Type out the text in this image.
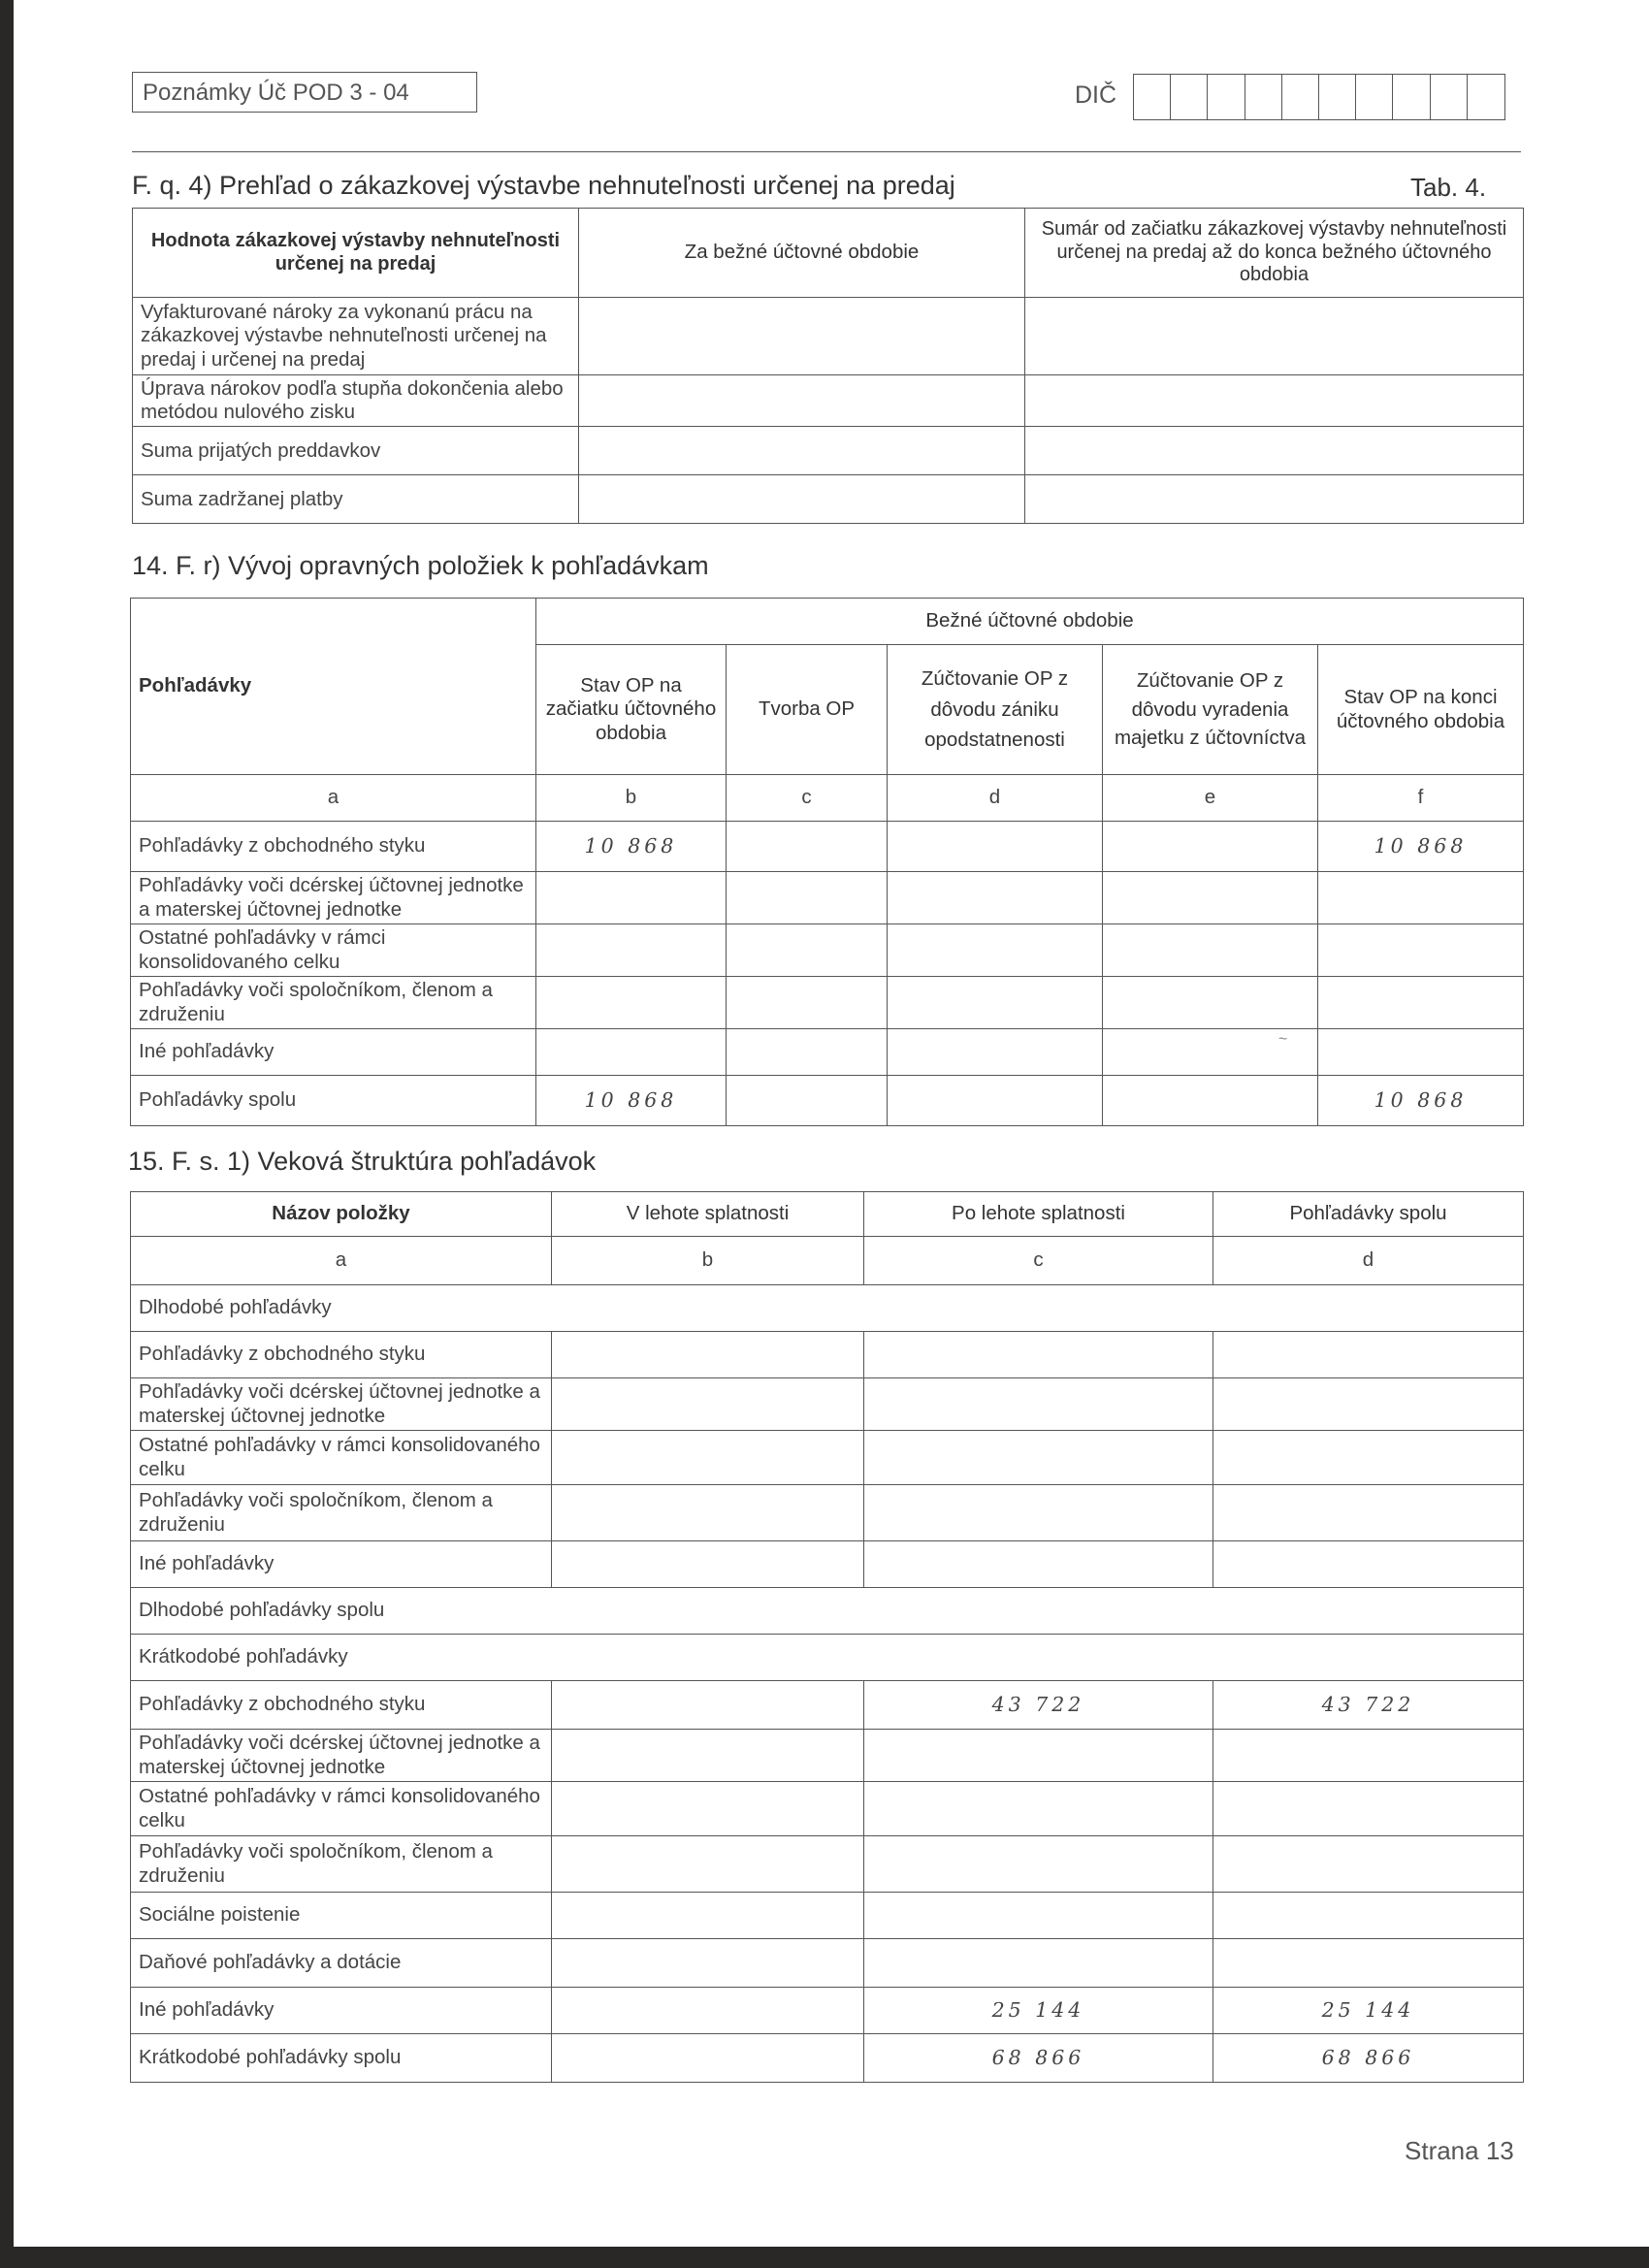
Poznámky Úč POD 3 - 04	DIČ
F. q. 4) Prehľad o zákazkovej výstavbe nehnuteľnosti určenej na predaj	Tab. 4.
Hodnota zákazkovej výstavby nehnuteľnosti určenej na predaj	Za bežné účtovné obdobie	Sumár od začiatku zákazkovej výstavby nehnuteľnosti určenej na predaj až do konca bežného účtovného obdobia
Vyfakturované nároky za vykonanú prácu na zákazkovej výstavbe nehnuteľnosti určenej na predaj i určenej na predaj		
Úprava nárokov podľa stupňa dokončenia alebo metódou nulového zisku		
Suma prijatých preddavkov		
Suma zadržanej platby		
14. F. r) Vývoj opravných položiek k pohľadávkam
Pohľadávky	Bežné účtovné obdobie				
	Stav OP na začiatku účtovného obdobia	Tvorba OP	Zúčtovanie OP z dôvodu zániku opodstatnenosti	Zúčtovanie OP z dôvodu vyradenia majetku z účtovníctva	Stav OP na konci účtovného obdobia
a	b	c	d	e	f
Pohľadávky z obchodného styku	10 868				10 868
Pohľadávky voči dcérskej účtovnej jednotke a materskej účtovnej jednotke					
Ostatné pohľadávky v rámci konsolidovaného celku					
Pohľadávky voči spoločníkom, členom a združeniu					
Iné pohľadávky					
Pohľadávky spolu	10 868				10 868
~
15. F. s. 1) Veková štruktúra pohľadávok
Názov položky	V lehote splatnosti	Po lehote splatnosti	Pohľadávky spolu
a	b	c	d
Dlhodobé pohľadávky			
Pohľadávky z obchodného styku			
Pohľadávky voči dcérskej účtovnej jednotke a materskej účtovnej jednotke			
Ostatné pohľadávky v rámci konsolidovaného celku			
Pohľadávky voči spoločníkom, členom a združeniu			
Iné pohľadávky			
Dlhodobé pohľadávky spolu			
Krátkodobé pohľadávky			
Pohľadávky z obchodného styku		43 722	43 722
Pohľadávky voči dcérskej účtovnej jednotke a materskej účtovnej jednotke			
Ostatné pohľadávky v rámci konsolidovaného celku			
Pohľadávky voči spoločníkom, členom a združeniu			
Sociálne poistenie			
Daňové pohľadávky a dotácie			
Iné pohľadávky		25 144	25 144
Krátkodobé pohľadávky spolu		68 866	68 866
Strana 13
